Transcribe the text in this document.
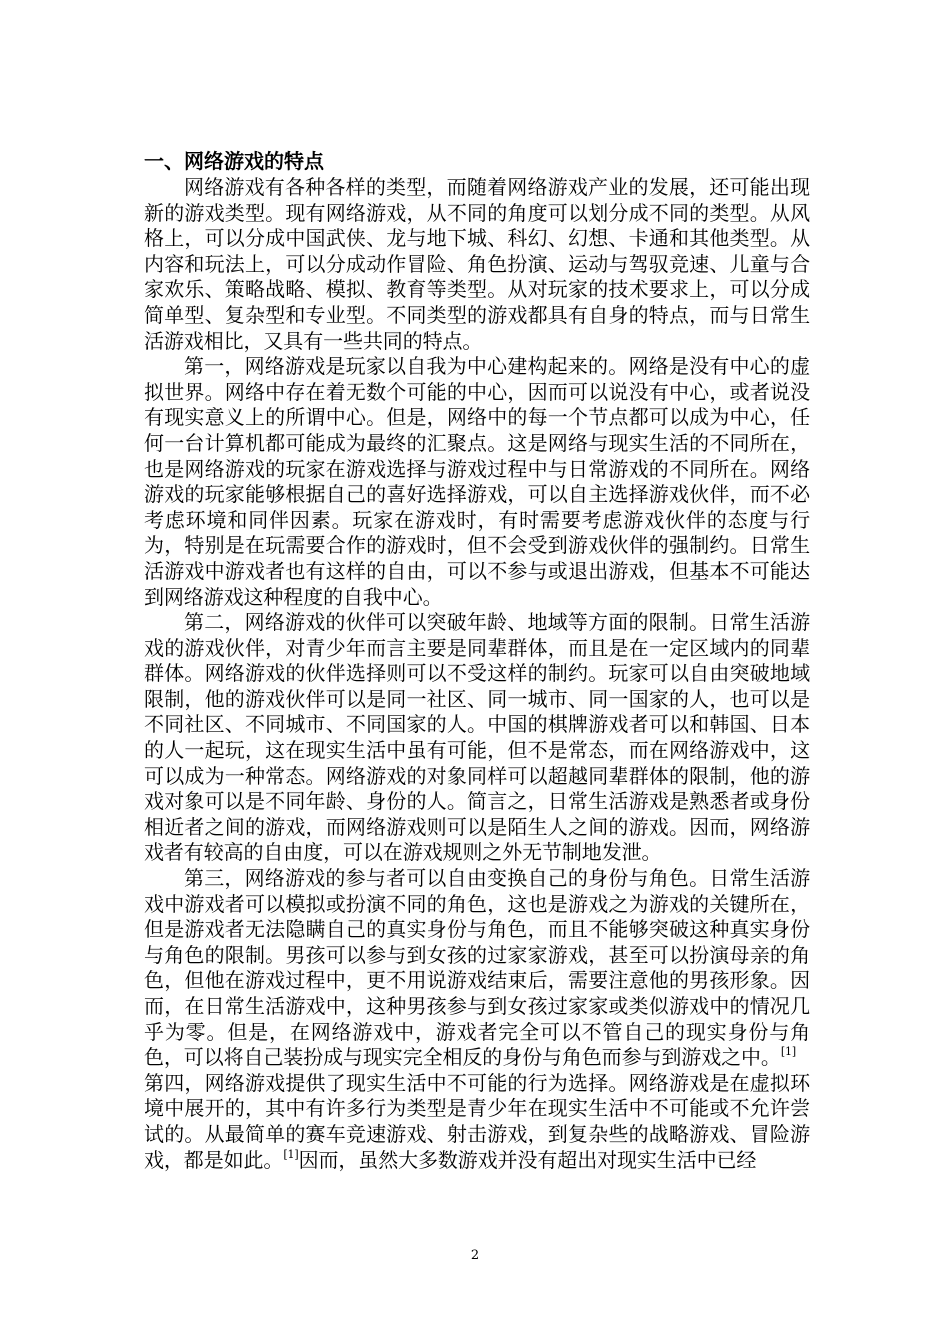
一、网络游戏的特点

网络游戏有各种各样的类型，而随着网络游戏产业的发展，还可能出现新的游戏类型。现有网络游戏，从不同的角度可以划分成不同的类型。从风格上，可以分成中国武侠、龙与地下城、科幻、幻想、卡通和其他类型。从内容和玩法上，可以分成动作冒险、角色扮演、运动与驾驭竞速、儿童与合家欢乐、策略战略、模拟、教育等类型。从对玩家的技术要求上，可以分成简单型、复杂型和专业型。不同类型的游戏都具有自身的特点，而与日常生活游戏相比，又具有一些共同的特点。

第一，网络游戏是玩家以自我为中心建构起来的。网络是没有中心的虚拟世界。网络中存在着无数个可能的中心，因而可以说没有中心，或者说没有现实意义上的所谓中心。但是，网络中的每一个节点都可以成为中心，任何一台计算机都可能成为最终的汇聚点。这是网络与现实生活的不同所在，也是网络游戏的玩家在游戏选择与游戏过程中与日常游戏的不同所在。网络游戏的玩家能够根据自己的喜好选择游戏，可以自主选择游戏伙伴，而不必考虑环境和同伴因素。玩家在游戏时，有时需要考虑游戏伙伴的态度与行为，特别是在玩需要合作的游戏时，但不会受到游戏伙伴的强制约。日常生活游戏中游戏者也有这样的自由，可以不参与或退出游戏，但基本不可能达到网络游戏这种程度的自我中心。

第二，网络游戏的伙伴可以突破年龄、地域等方面的限制。日常生活游戏的游戏伙伴，对青少年而言主要是同辈群体，而且是在一定区域内的同辈群体。网络游戏的伙伴选择则可以不受这样的制约。玩家可以自由突破地域限制，他的游戏伙伴可以是同一社区、同一城市、同一国家的人，也可以是不同社区、不同城市、不同国家的人。中国的棋牌游戏者可以和韩国、日本的人一起玩，这在现实生活中虽有可能，但不是常态，而在网络游戏中，这可以成为一种常态。网络游戏的对象同样可以超越同辈群体的限制，他的游戏对象可以是不同年龄、身份的人。简言之，日常生活游戏是熟悉者或身份相近者之间的游戏，而网络游戏则可以是陌生人之间的游戏。因而，网络游戏者有较高的自由度，可以在游戏规则之外无节制地发泄。

第三，网络游戏的参与者可以自由变换自己的身份与角色。日常生活游戏中游戏者可以模拟或扮演不同的角色，这也是游戏之为游戏的关键所在，但是游戏者无法隐瞒自己的真实身份与角色，而且不能够突破这种真实身份与角色的限制。男孩可以参与到女孩的过家家游戏，甚至可以扮演母亲的角色，但他在游戏过程中，更不用说游戏结束后，需要注意他的男孩形象。因而，在日常生活游戏中，这种男孩参与到女孩过家家或类似游戏中的情况几乎为零。但是，在网络游戏中，游戏者完全可以不管自己的现实身份与角色，可以将自己装扮成与现实完全相反的身份与角色而参与到游戏之中。[1]　第四，网络游戏提供了现实生活中不可能的行为选择。网络游戏是在虚拟环境中展开的，其中有许多行为类型是青少年在现实生活中不可能或不允许尝试的。从最简单的赛车竞速游戏、射击游戏，到复杂些的战略游戏、冒险游戏，都是如此。[1]因而，虽然大多数游戏并没有超出对现实生活中已经

2
